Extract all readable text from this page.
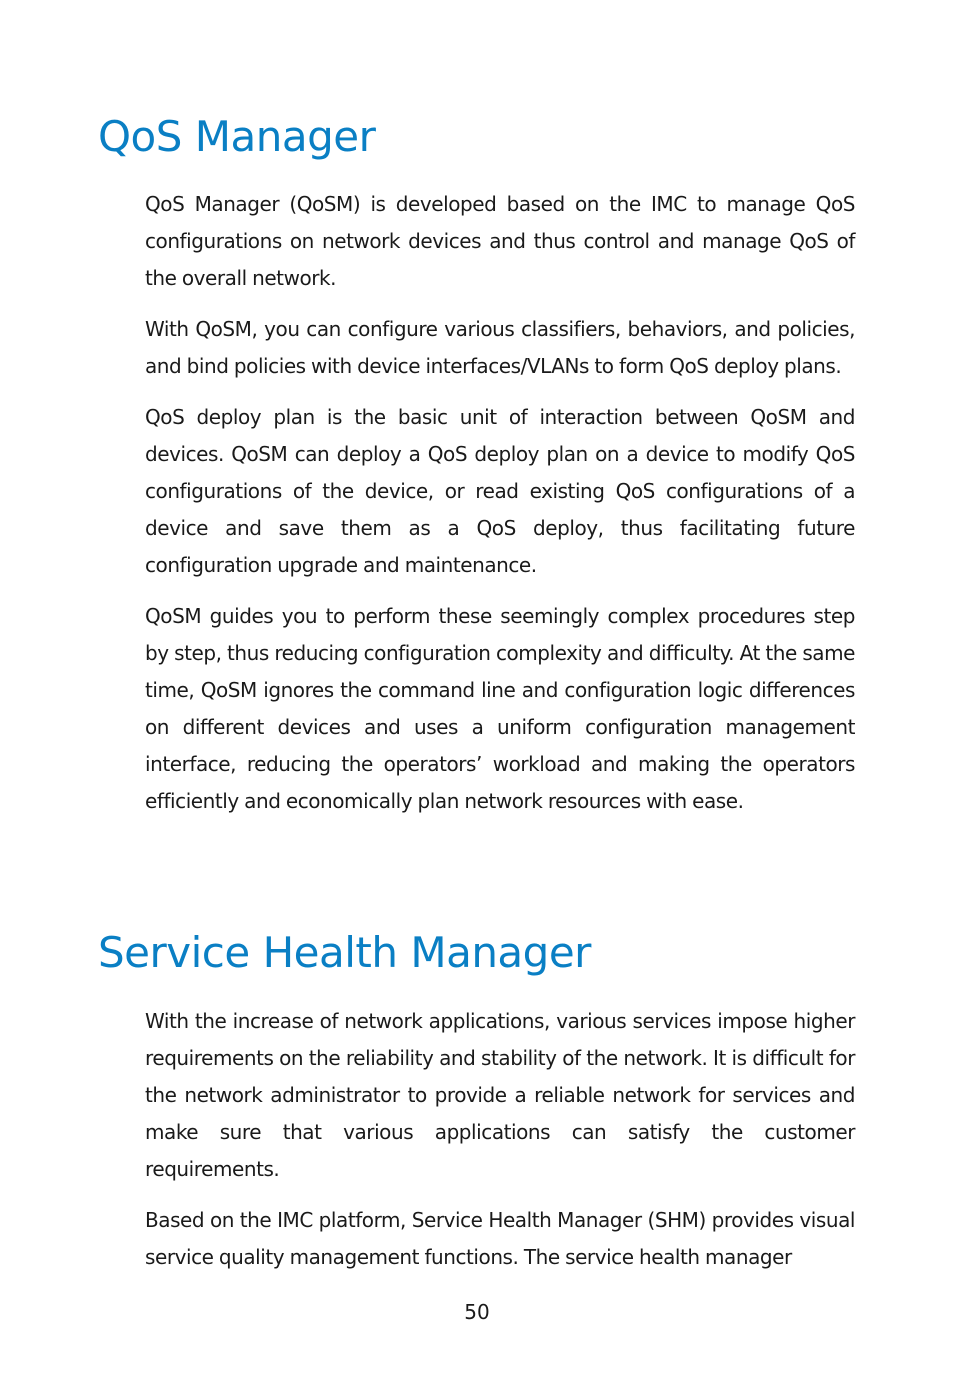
QoS Manager

QoS Manager (QoSM) is developed based on the IMC to manage QoS configurations on network devices and thus control and manage QoS of the overall network.

With QoSM, you can configure various classifiers, behaviors, and policies, and bind policies with device interfaces/VLANs to form QoS deploy plans.

QoS deploy plan is the basic unit of interaction between QoSM and devices. QoSM can deploy a QoS deploy plan on a device to modify QoS configurations of the device, or read existing QoS configurations of a device and save them as a QoS deploy, thus facilitating future configuration upgrade and maintenance.

QoSM guides you to perform these seemingly complex procedures step by step, thus reducing configuration complexity and difficulty. At the same time, QoSM ignores the command line and configuration logic differences on different devices and uses a uniform configuration management interface, reducing the operators’ workload and making the operators efficiently and economically plan network resources with ease.

Service Health Manager

With the increase of network applications, various services impose higher requirements on the reliability and stability of the network. It is difficult for the network administrator to provide a reliable network for services and make sure that various applications can satisfy the customer requirements.

Based on the IMC platform, Service Health Manager (SHM) provides visual service quality management functions. The service health manager

50
